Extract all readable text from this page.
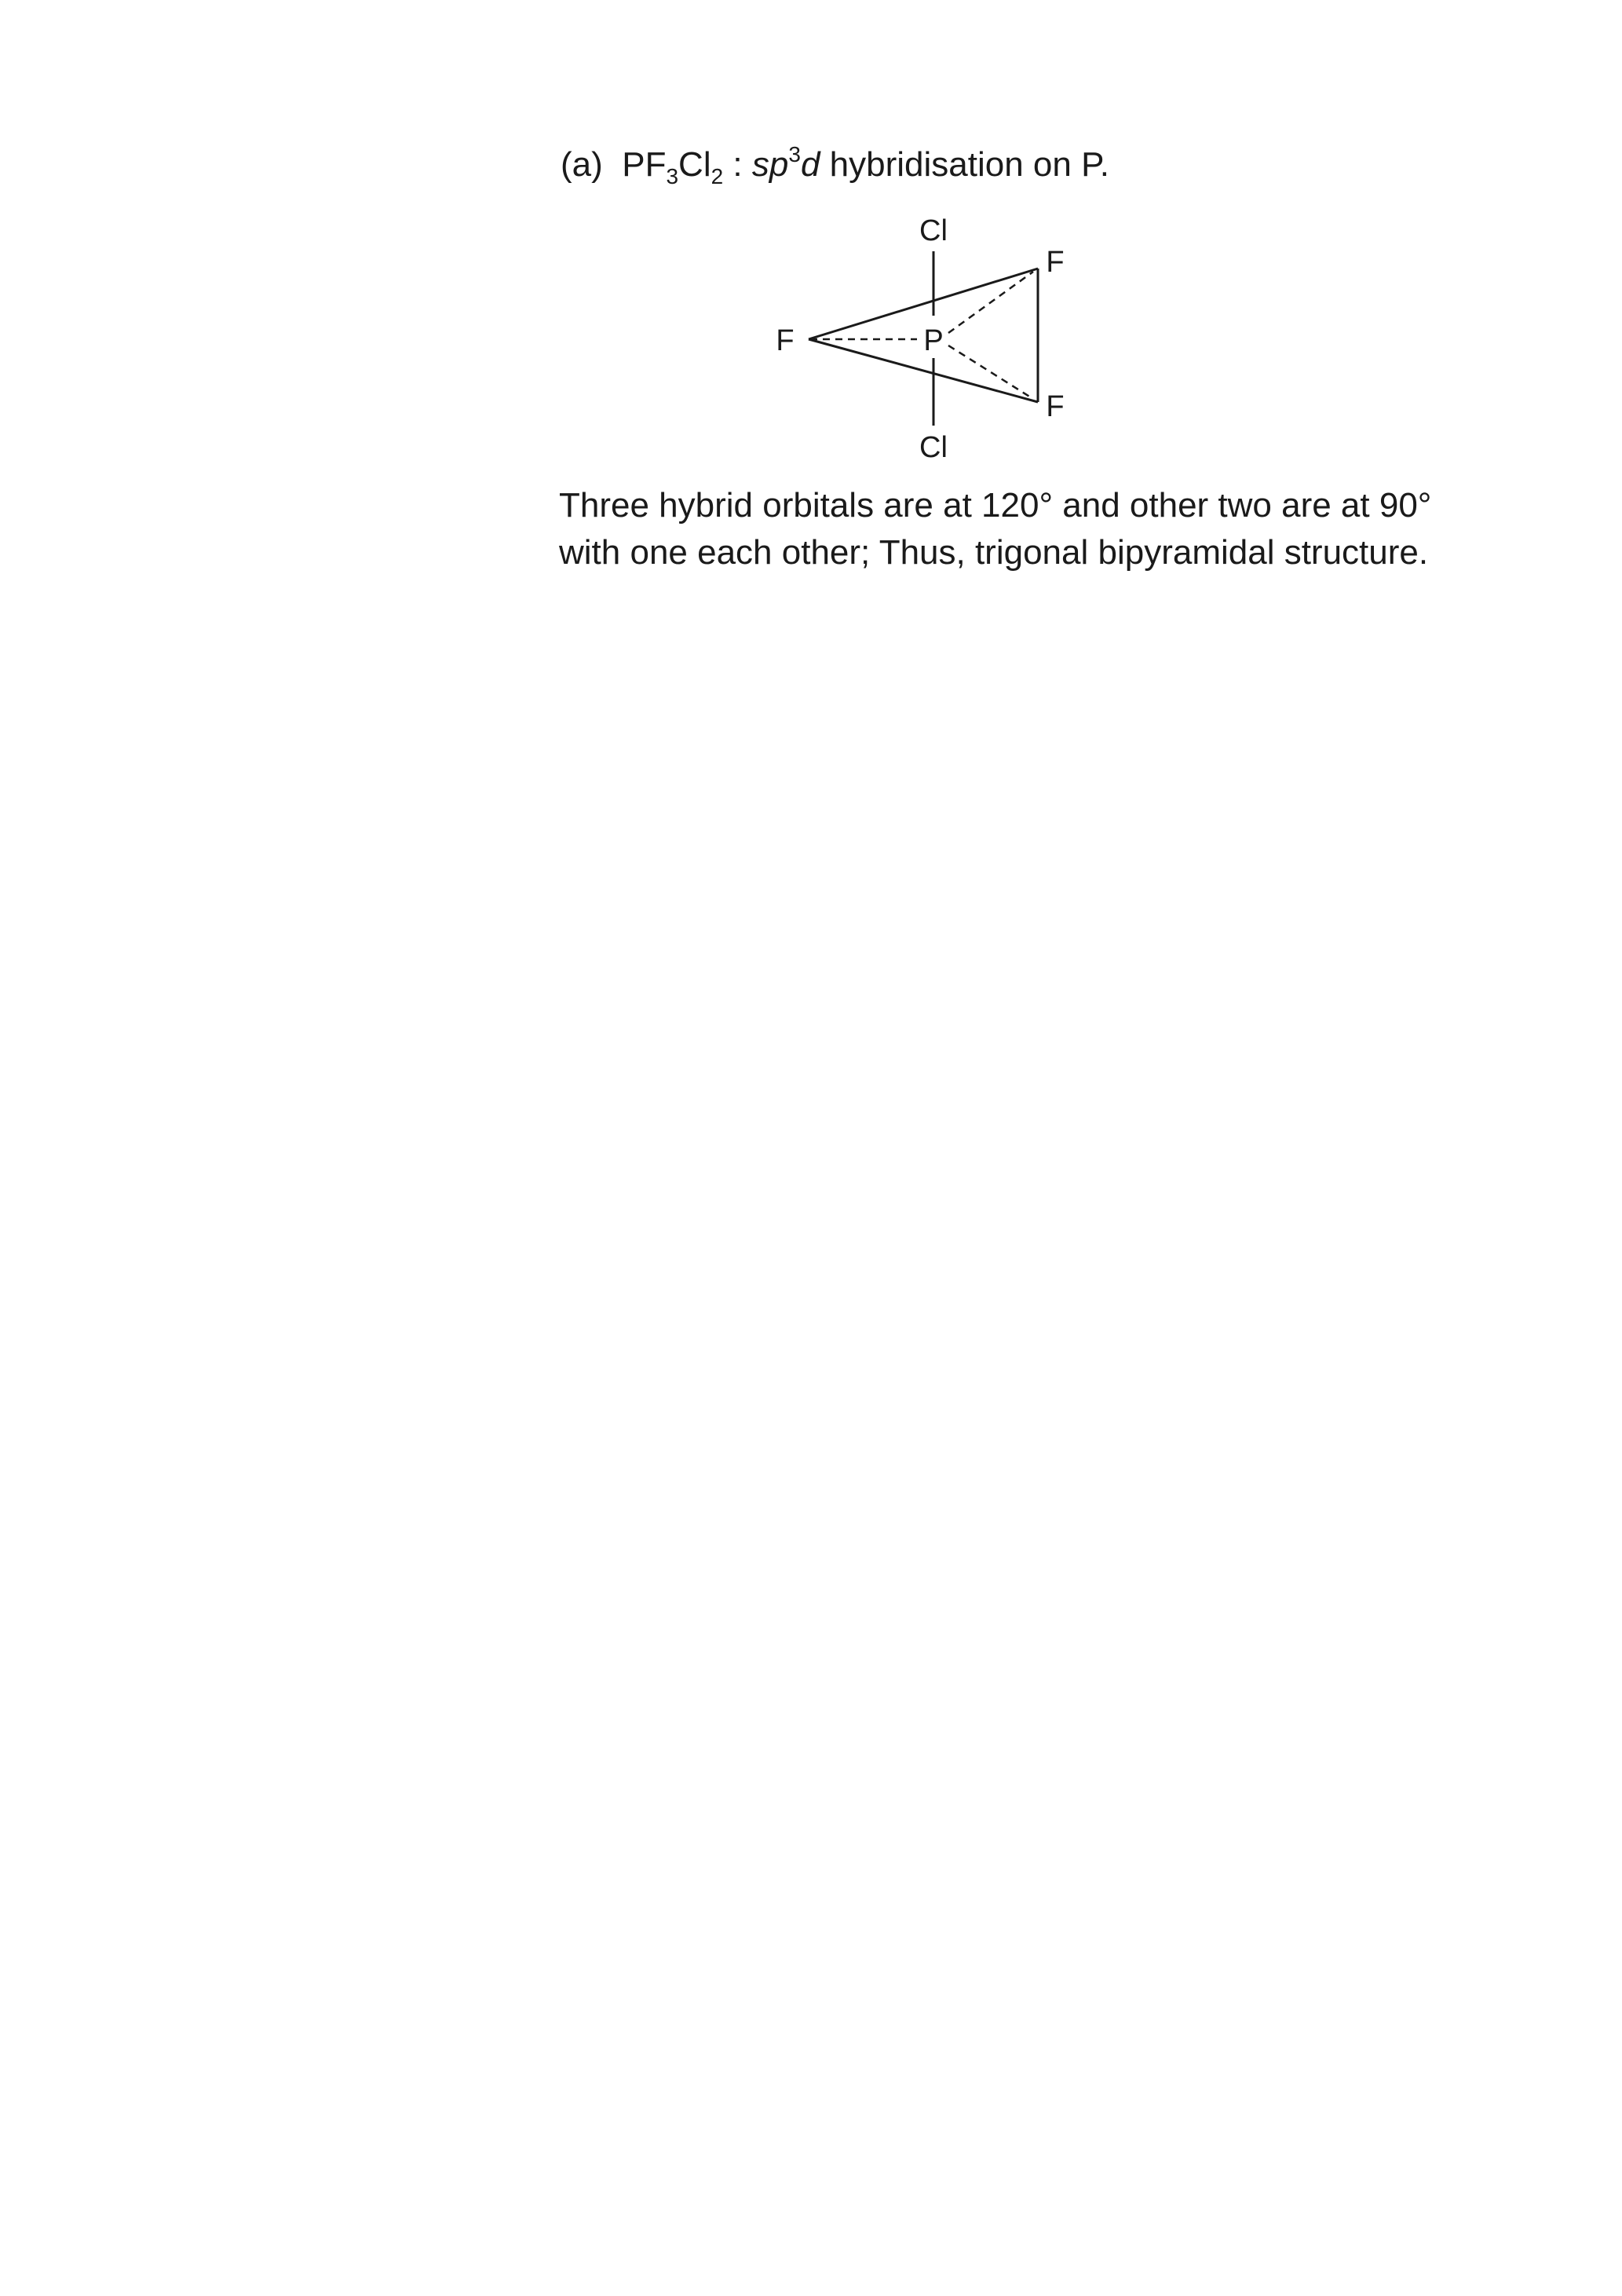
(a) $PF_3Cl_2$ : $sp^3d$ hybridisation on P.
Cl
Cl
P
F
F
F

Three hybrid orbitals are at 120° and other two are at 90°

with one each other; Thus, trigonal bipyramidal structure.
